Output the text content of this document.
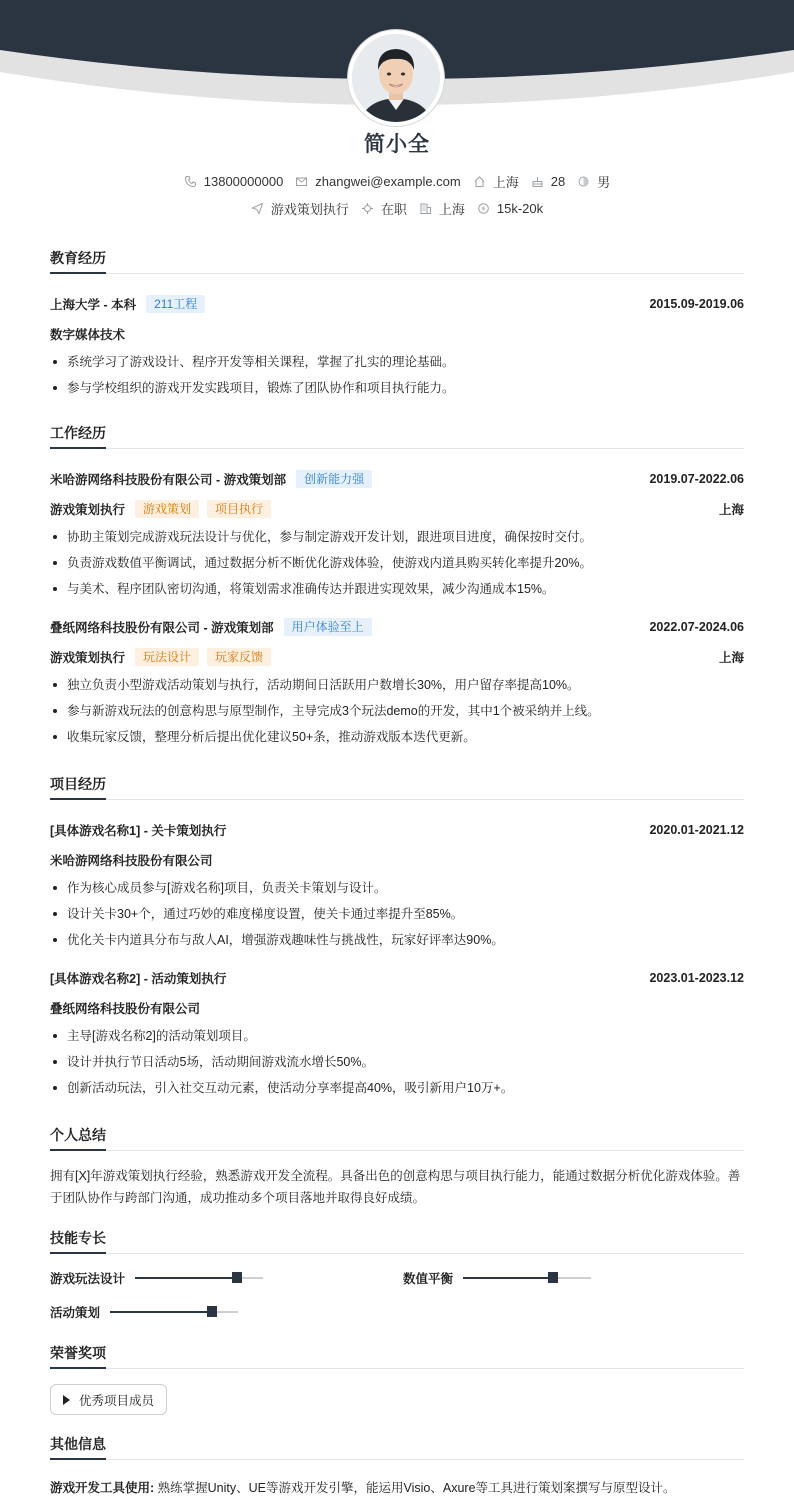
简小全
13800000000 zhangwei@example.com 上海 28 男
游戏策划执行 在职 上海 15k-20k
教育经历
上海大学 - 本科	211工程	2015.09-2019.06
数字媒体技术
系统学习了游戏设计、程序开发等相关课程，掌握了扎实的理论基础。
参与学校组织的游戏开发实践项目，锻炼了团队协作和项目执行能力。
工作经历
米哈游网络科技股份有限公司 - 游戏策划部	创新能力强	2019.07-2022.06
游戏策划执行	游戏策划	项目执行	上海
协助主策划完成游戏玩法设计与优化，参与制定游戏开发计划，跟进项目进度，确保按时交付。
负责游戏数值平衡调试，通过数据分析不断优化游戏体验，使游戏内道具购买转化率提升20%。
与美术、程序团队密切沟通，将策划需求准确传达并跟进实现效果，减少沟通成本15%。
叠纸网络科技股份有限公司 - 游戏策划部	用户体验至上	2022.07-2024.06
游戏策划执行	玩法设计	玩家反馈	上海
独立负责小型游戏活动策划与执行，活动期间日活跃用户数增长30%，用户留存率提高10%。
参与新游戏玩法的创意构思与原型制作，主导完成3个玩法demo的开发，其中1个被采纳并上线。
收集玩家反馈，整理分析后提出优化建议50+条，推动游戏版本迭代更新。
项目经历
[具体游戏名称1] - 关卡策划执行	2020.01-2021.12
米哈游网络科技股份有限公司
作为核心成员参与[游戏名称]项目，负责关卡策划与设计。
设计关卡30+个，通过巧妙的难度梯度设置，使关卡通过率提升至85%。
优化关卡内道具分布与敌人AI，增强游戏趣味性与挑战性，玩家好评率达90%。
[具体游戏名称2] - 活动策划执行	2023.01-2023.12
叠纸网络科技股份有限公司
主导[游戏名称2]的活动策划项目。
设计并执行节日活动5场，活动期间游戏流水增长50%。
创新活动玩法，引入社交互动元素，使活动分享率提高40%，吸引新用户10万+。
个人总结

拥有[X]年游戏策划执行经验，熟悉游戏开发全流程。具备出色的创意构思与项目执行能力，能通过数据分析优化游戏体验。善于团队协作与跨部门沟通，成功推动多个项目落地并取得良好成绩。

技能专长
游戏玩法设计	数值平衡
活动策划
荣誉奖项
优秀项目成员
其他信息
游戏开发工具使用: 熟练掌握Unity、UE等游戏开发引擎，能运用Visio、Axure等工具进行策划案撰写与原型设计。
